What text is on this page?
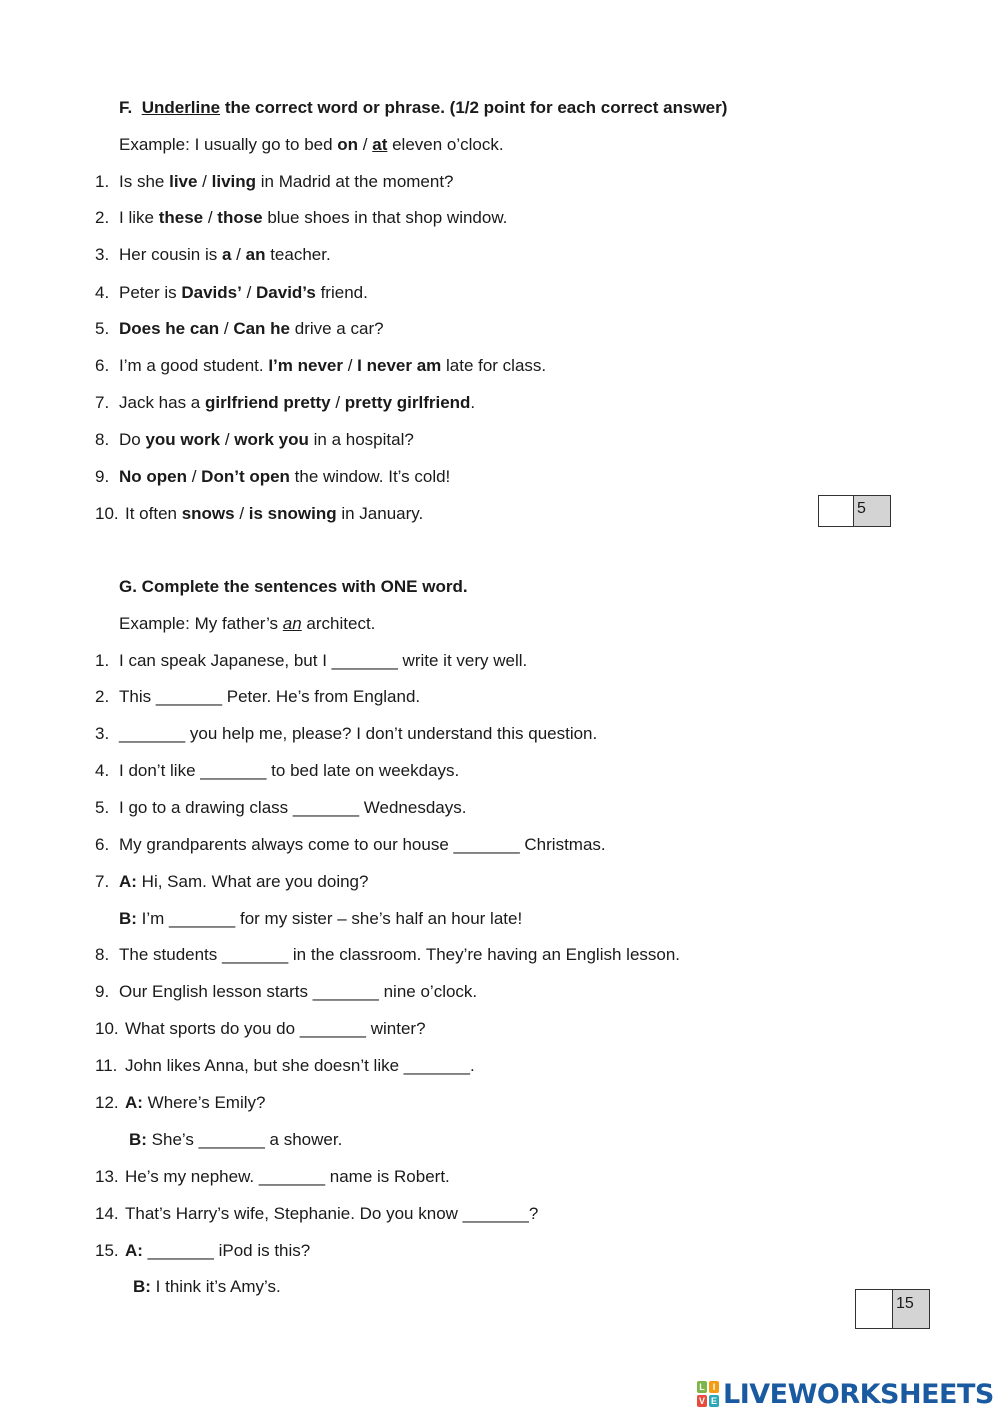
F. Underline the correct word or phrase. (1/2 point for each correct answer)
Example: I usually go to bed on / at eleven o’clock.
1.Is she live / living in Madrid at the moment?
2.I like these / those blue shoes in that shop window.
3.Her cousin is a / an teacher.
4.Peter is Davids’ / David’s friend.
5.Does he can / Can he drive a car?
6.I’m a good student. I’m never / I never am late for class.
7.Jack has a girlfriend pretty / pretty girlfriend.
8.Do you work / work you in a hospital?
9.No open / Don’t open the window. It’s cold!
10.It often snows / is snowing in January.	5
G. Complete the sentences with ONE word.
Example: My father’s an architect.
1.I can speak Japanese, but I _______ write it very well.
2.This _______ Peter. He’s from England.
3._______ you help me, please? I don’t understand this question.
4.I don’t like _______ to bed late on weekdays.
5.I go to a drawing class _______ Wednesdays.
6.My grandparents always come to our house _______ Christmas.
7.A: Hi, Sam. What are you doing?
B: I’m _______ for my sister – she’s half an hour late!
8.The students _______ in the classroom. They’re having an English lesson.
9.Our English lesson starts _______ nine o’clock.
10.What sports do you do _______ winter?
11.John likes Anna, but she doesn’t like _______.
12.A: Where’s Emily?
B: She’s _______ a shower.
13.He’s my nephew. _______ name is Robert.
14.That’s Harry’s wife, Stephanie. Do you know _______?
15.A: _______ iPod is this?
B: I think it’s Amy’s.
15
L I
V E LIVEWORKSHEETS
